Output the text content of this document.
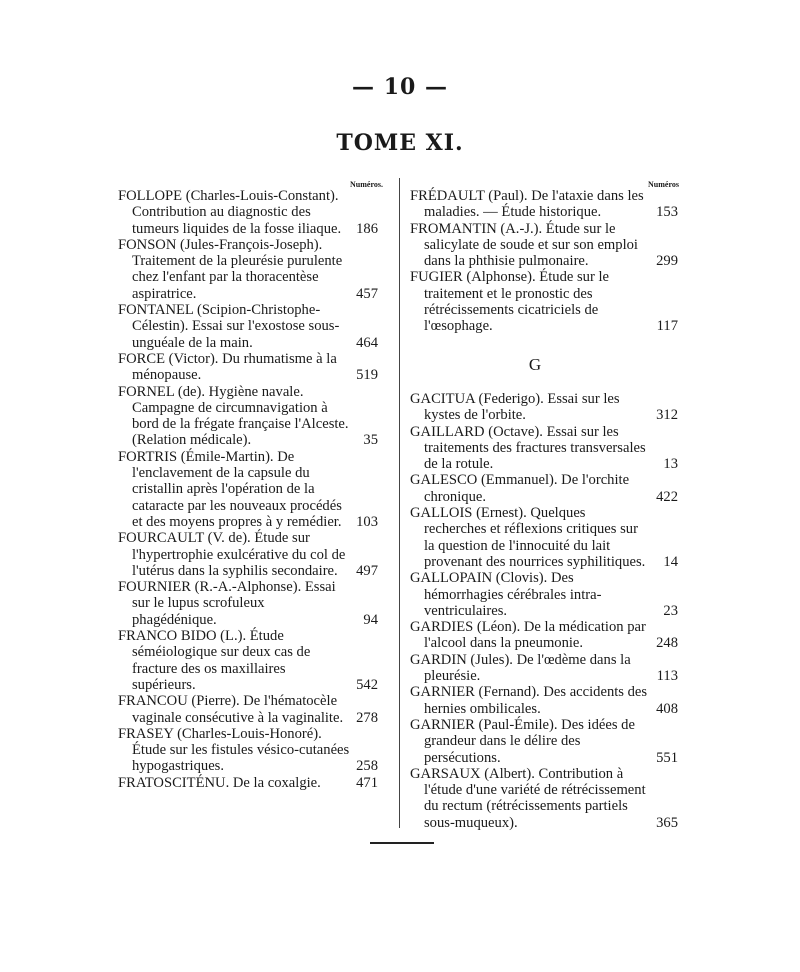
— 10 —
TOME XI.
Numéros.	Numéros
FOLLOPE (Charles-Louis-Constant). Contribution au diagnostic des tumeurs liquides de la fosse iliaque. 186
FONSON (Jules-François-Joseph). Traitement de la pleurésie purulente chez l'enfant par la thoracentèse aspiratrice.	457
FONTANEL (Scipion-Christophe-Célestin). Essai sur l'exostose sous-unguéale de la main.	464
FORCE (Victor). Du rhumatisme à la ménopause.	519
FORNEL (de). Hygiène navale. Campagne de circumnavigation à bord de la frégate française l'Alceste. (Relation médicale).	35
FORTRIS (Émile-Martin). De l'enclavement de la capsule du cristallin après l'opération de la cataracte par les nouveaux procédés et des moyens propres à y remédier. 103
FOURCAULT (V. de). Étude sur l'hypertrophie exulcérative du col de l'utérus dans la syphilis secondaire. 497
FOURNIER (R.-A.-Alphonse). Essai sur le lupus scrofuleux phagédénique.	94
FRANCO BIDO (L.). Étude séméiologique sur deux cas de fracture des os maxillaires supérieurs.	542
FRANCOU (Pierre). De l'hématocèle vaginale consécutive à la vaginalite. 278
FRASEY (Charles-Louis-Honoré). Étude sur les fistules vésico-cutanées hypogastriques.	258
FRATOSCITÉNU. De la coxalgie. 471
FRÉDAULT (Paul). De l'ataxie dans les maladies. — Étude historique.	153
FROMANTIN (A.-J.). Étude sur le salicylate de soude et sur son emploi dans la phthisie pulmonaire.	299
FUGIER (Alphonse). Étude sur le traitement et le pronostic des rétrécissements cicatriciels de l'œsophage.	117
G
GACITUA (Federigo). Essai sur les kystes de l'orbite.	312
GAILLARD (Octave). Essai sur les traitements des fractures transversales de la rotule.	13
GALESCO (Emmanuel). De l'orchite chronique.	422
GALLOIS (Ernest). Quelques recherches et réflexions critiques sur la question de l'innocuité du lait provenant des nourrices syphilitiques. 14
GALLOPAIN (Clovis). Des hémorrhagies cérébrales intra-ventriculaires.	23
GARDIES (Léon). De la médication par l'alcool dans la pneumonie.	248
GARDIN (Jules). De l'œdème dans la pleurésie.	113
GARNIER (Fernand). Des accidents des hernies ombilicales.	408
GARNIER (Paul-Émile). Des idées de grandeur dans le délire des persécutions.	551
GARSAUX (Albert). Contribution à l'étude d'une variété de rétrécissement du rectum (rétrécissements partiels sous-muqueux).	365
